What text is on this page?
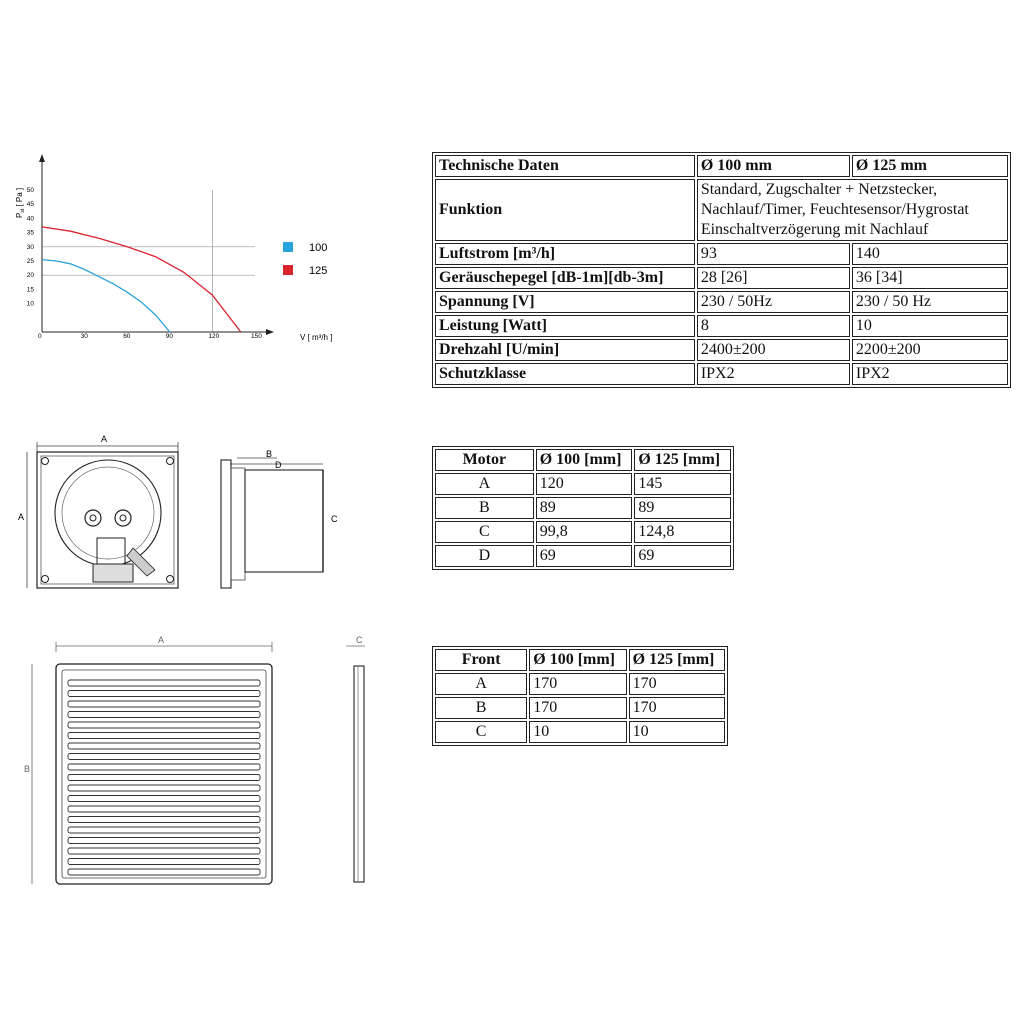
0	30	60	90	120	150
10
15
20
25
30
35
40
45
50
$P_{st}$ [ Pa ]
V [ m³/h ]
100
125
Technische Daten	Ø 100 mm	Ø 125 mm
Funktion	Standard, Zugschalter + Netzstecker,
Nachlauf/Timer, Feuchtesensor/Hygrostat
Einschaltverzögerung mit Nachlauf	

Luftstrom [m³/h]	93	140
Geräuschepegel [dB-1m][db-3m]	28 [26]	36 [34]
Spannung [V]	230 / 50Hz	230 / 50 Hz
Leistung [Watt]	8	10
Drehzahl [U/min]	2400±200	2200±200
Schutzklasse	IPX2	IPX2
A
A
B
D
C
Motor	Ø 100 [mm]	Ø 125 [mm]
A	120	145
B	89	89
C	99,8	124,8
D	69	69
A
B
C
Front	Ø 100 [mm]	Ø 125 [mm]
A	170	170
B	170	170
C	10	10
